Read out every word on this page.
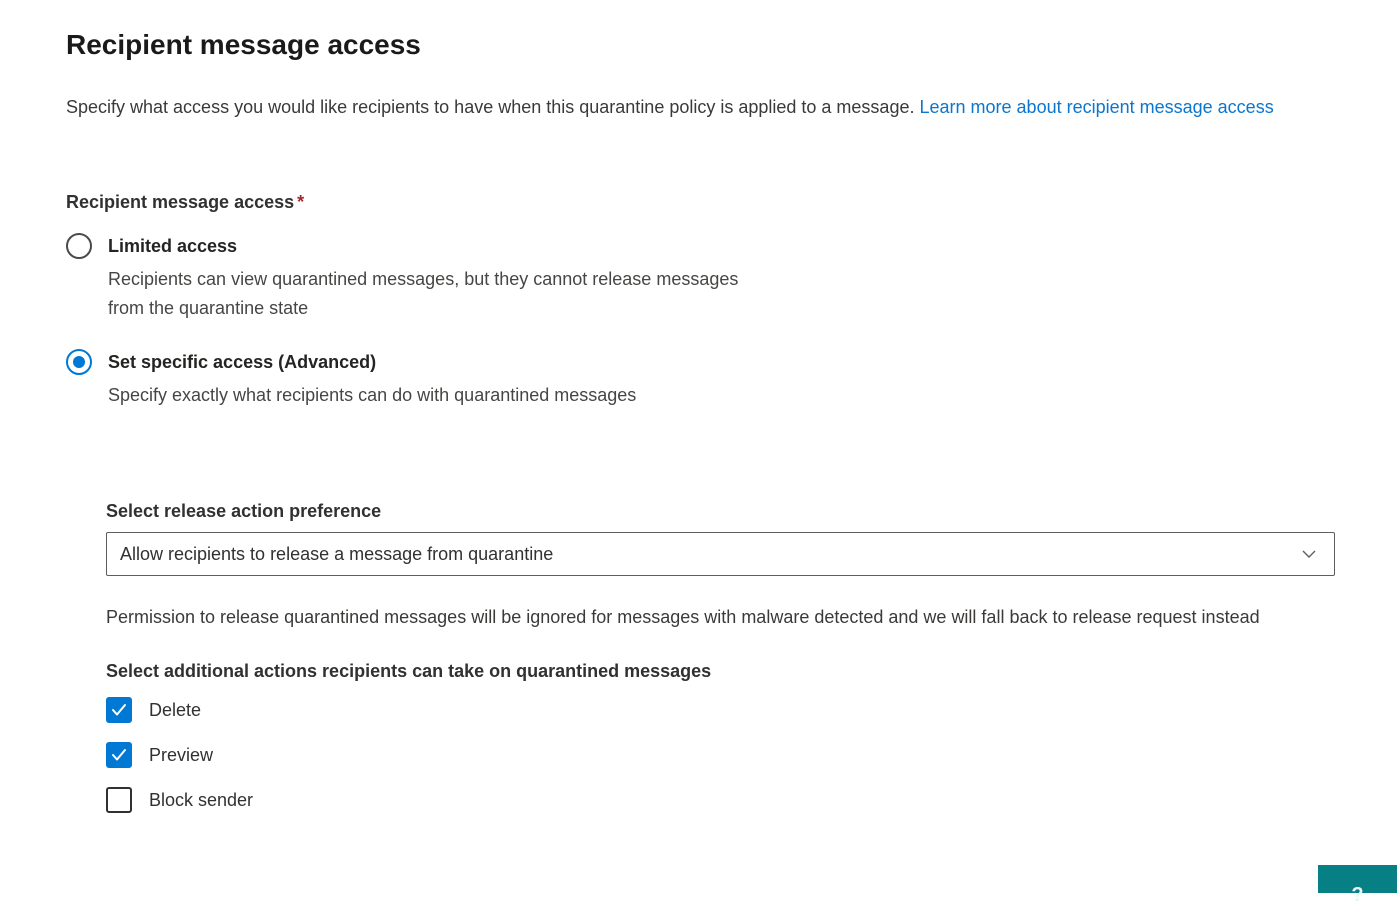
Recipient message access

Specify what access you would like recipients to have when this quarantine policy is applied to a message. Learn more about recipient message access

Recipient message access *
Limited access
Recipients can view quarantined messages, but they cannot release messages from the quarantine state
Set specific access (Advanced)
Specify exactly what recipients can do with quarantined messages
Select release action preference
Allow recipients to release a message from quarantine

Permission to release quarantined messages will be ignored for messages with malware detected and we will fall back to release request instead

Select additional actions recipients can take on quarantined messages
Delete
Preview
Block sender
?
